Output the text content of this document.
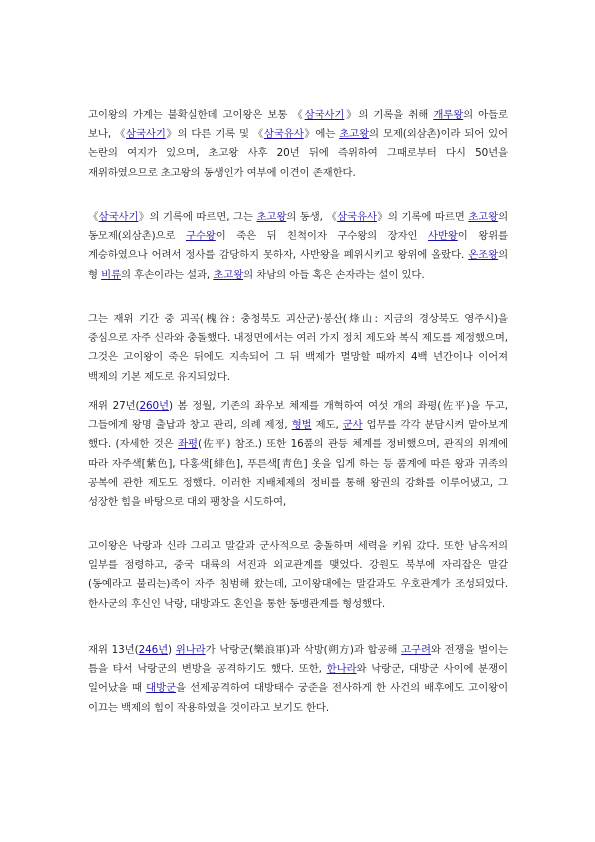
고이왕의 가계는 불확실한데 고이왕은 보통 《삼국사기》의 기록을 취해 개루왕의 아들로 보나, 《삼국사기》의 다른 기록 및 《삼국유사》에는 초고왕의 모제(외삼촌)이라 되어 있어 논란의 여지가 있으며, 초고왕 사후 20년 뒤에 즉위하여 그때로부터 다시 50년을 재위하였으므로 초고왕의 동생인가 여부에 이견이 존재한다.

《삼국사기》의 기록에 따르면, 그는 초고왕의 동생, 《삼국유사》의 기록에 따르면 초고왕의 동모제(외삼촌)으로 구수왕이 죽은 뒤 친척이자 구수왕의 장자인 사반왕이 왕위를 계승하였으나 어려서 정사를 감당하지 못하자, 사반왕을 폐위시키고 왕위에 올랐다. 온조왕의 형 비류의 후손이라는 설과, 초고왕의 차남의 아들 혹은 손자라는 설이 있다.

그는 재위 기간 중 괴곡(槐谷: 충청북도 괴산군)·봉산(烽山: 지금의 경상북도 영주시)을 중심으로 자주 신라와 충돌했다. 내정면에서는 여러 가지 정치 제도와 복식 제도를 제정했으며, 그것은 고이왕이 죽은 뒤에도 지속되어 그 뒤 백제가 멸망할 때까지 4백 년간이나 이어져 백제의 기본 제도로 유지되었다.

재위 27년(260년) 봄 정월, 기존의 좌우보 체제를 개혁하여 여섯 개의 좌평(佐平)을 두고, 그들에게 왕명 출납과 창고 관리, 의례 제정, 형벌 제도, 군사 업무를 각각 분담시켜 맡아보게 했다. (자세한 것은 좌평(佐平) 참조.) 또한 16품의 관등 체계를 정비했으며, 관직의 위계에 따라 자주색[紫色], 다홍색[緋色], 푸른색[靑色] 옷을 입게 하는 등 품계에 따른 왕과 귀족의 공복에 관한 제도도 정했다. 이러한 지배체제의 정비를 통해 왕권의 강화를 이루어냈고, 그 성장한 힘을 바탕으로 대외 팽창을 시도하여,

고이왕은 낙랑과 신라 그리고 말갈과 군사적으로 충돌하며 세력을 키워 갔다. 또한 남옥저의 일부를 점령하고, 중국 대륙의 서진과 외교관계를 맺었다. 강원도 북부에 자리잡은 말갈(동예라고 불리는)족이 자주 침범해 왔는데, 고이왕대에는 말갈과도 우호관계가 조성되었다. 한사군의 후신인 낙랑, 대방과도 혼인을 통한 동맹관계를 형성했다.

재위 13년(246년) 위나라가 낙랑군(樂浪軍)과 삭방(朔方)과 합공해 고구려와 전쟁을 벌이는 틈을 타서 낙랑군의 변방을 공격하기도 했다. 또한, 한나라와 낙랑군, 대방군 사이에 분쟁이 일어났을 때 대방군을 선제공격하여 대방태수 궁준을 전사하게 한 사건의 배후에도 고이왕이 이끄는 백제의 힘이 작용하였을 것이라고 보기도 한다.
